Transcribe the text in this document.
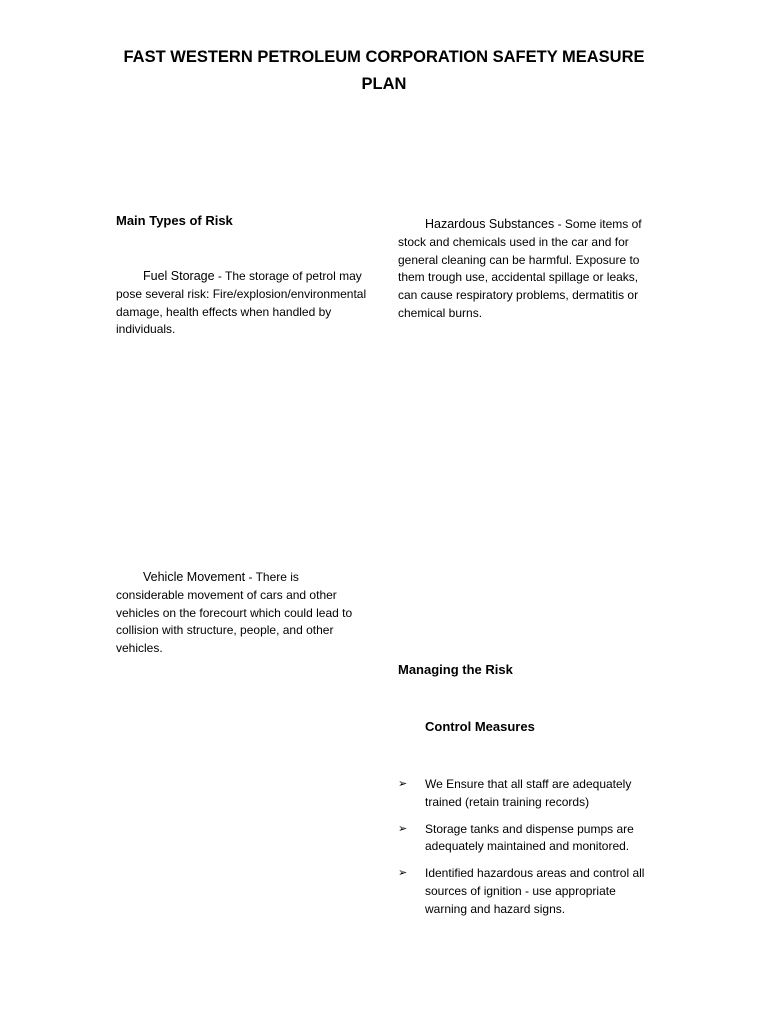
FAST WESTERN PETROLEUM CORPORATION SAFETY MEASURE PLAN
Main Types of Risk
Fuel Storage - The storage of petrol may pose several risk: Fire/explosion/environmental damage, health effects when handled by individuals.
Vehicle Movement - There is considerable movement of cars and other vehicles on the forecourt which could lead to collision with structure, people, and other vehicles.
Hazardous Substances - Some items of stock and chemicals used in the car and for general cleaning can be harmful. Exposure to them trough use, accidental spillage or leaks, can cause respiratory problems, dermatitis or chemical burns.
Managing the Risk
Control Measures
➢ We Ensure that all staff are adequately trained (retain training records)
➢ Storage tanks and dispense pumps are adequately maintained and monitored.
➢ Identified hazardous areas and control all sources of ignition - use appropriate warning and hazard signs.
